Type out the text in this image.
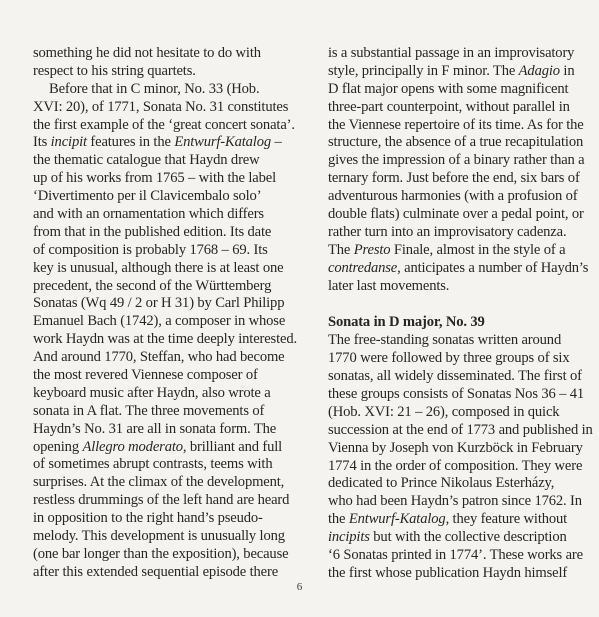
something he did not hesitate to do with
respect to his string quartets.
Before that in C minor, No. 33 (Hob.
XVI: 20), of 1771, Sonata No. 31 constitutes
the first example of the ‘great concert sonata’.
Its incipit features in the Entwurf-Katalog –
the thematic catalogue that Haydn drew
up of his works from 1765 – with the label
‘Divertimento per il Clavicembalo solo’
and with an ornamentation which differs
from that in the published edition. Its date
of composition is probably 1768 – 69. Its
key is unusual, although there is at least one
precedent, the second of the Württemberg
Sonatas (Wq 49 / 2 or H 31) by Carl Philipp
Emanuel Bach (1742), a composer in whose
work Haydn was at the time deeply interested.
And around 1770, Steffan, who had become
the most revered Viennese composer of
keyboard music after Haydn, also wrote a
sonata in A flat. The three movements of
Haydn’s No. 31 are all in sonata form. The
opening Allegro moderato, brilliant and full
of sometimes abrupt contrasts, teems with
surprises. At the climax of the development,
restless drummings of the left hand are heard
in opposition to the right hand’s pseudo-
melody. This development is unusually long
(one bar longer than the exposition), because
after this extended sequential episode there
is a substantial passage in an improvisatory
style, principally in F minor. The Adagio in
D flat major opens with some magnificent
three-part counterpoint, without parallel in
the Viennese repertoire of its time. As for the
structure, the absence of a true recapitulation
gives the impression of a binary rather than a
ternary form. Just before the end, six bars of
adventurous harmonies (with a profusion of
double flats) culminate over a pedal point, or
rather turn into an improvisatory cadenza.
The Presto Finale, almost in the style of a
contredanse, anticipates a number of Haydn’s
later last movements.
Sonata in D major, No. 39
The free-standing sonatas written around
1770 were followed by three groups of six
sonatas, all widely disseminated. The first of
these groups consists of Sonatas Nos 36 – 41
(Hob. XVI: 21 – 26), composed in quick
succession at the end of 1773 and published in
Vienna by Joseph von Kurzböck in February
1774 in the order of composition. They were
dedicated to Prince Nikolaus Esterházy,
who had been Haydn’s patron since 1762. In
the Entwurf-Katalog, they feature without
incipits but with the collective description
‘6 Sonatas printed in 1774’. These works are
the first whose publication Haydn himself
6
